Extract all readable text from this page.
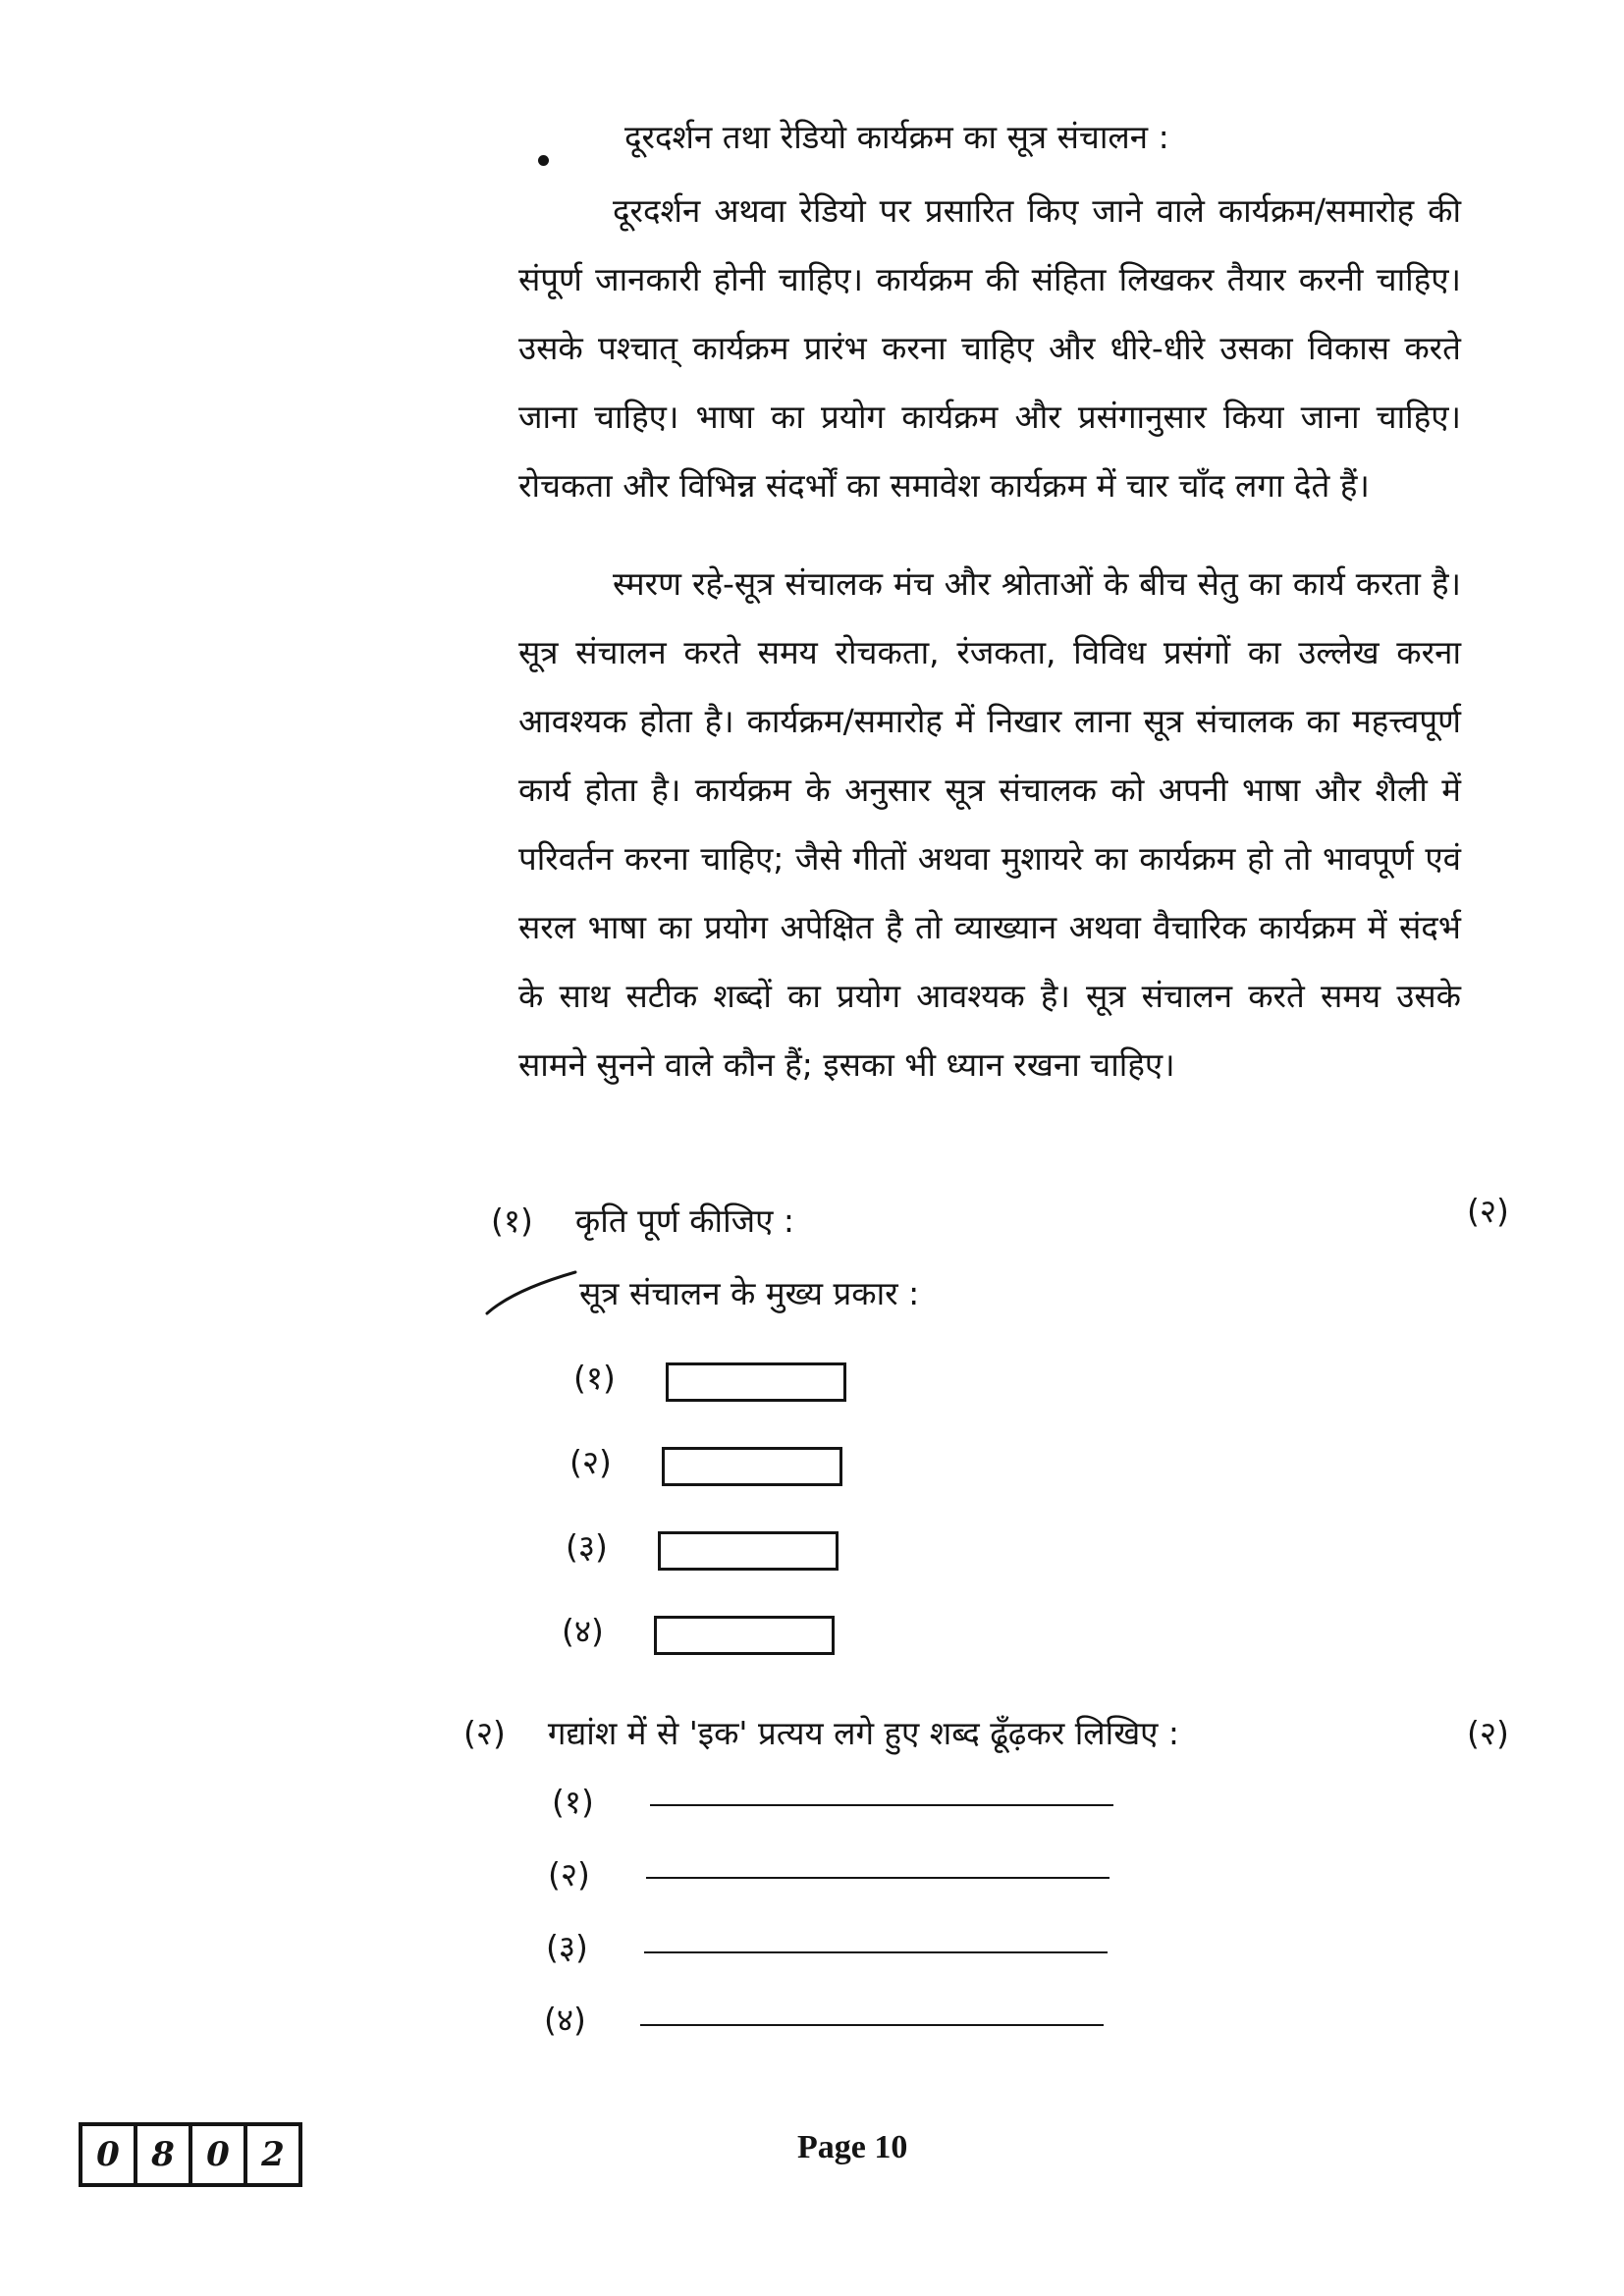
दूरदर्शन तथा रेडियो कार्यक्रम का सूत्र संचालन :

दूरदर्शन अथवा रेडियो पर प्रसारित किए जाने वाले कार्यक्रम/समारोह की संपूर्ण जानकारी होनी चाहिए। कार्यक्रम की संहिता लिखकर तैयार करनी चाहिए। उसके पश्चात् कार्यक्रम प्रारंभ करना चाहिए और धीरे-धीरे उसका विकास करते जाना चाहिए। भाषा का प्रयोग कार्यक्रम और प्रसंगानुसार किया जाना चाहिए। रोचकता और विभिन्न संदर्भों का समावेश कार्यक्रम में चार चाँद लगा देते हैं।

स्मरण रहे-सूत्र संचालक मंच और श्रोताओं के बीच सेतु का कार्य करता है। सूत्र संचालन करते समय रोचकता, रंजकता, विविध प्रसंगों का उल्लेख करना आवश्यक होता है। कार्यक्रम/समारोह में निखार लाना सूत्र संचालक का महत्त्वपूर्ण कार्य होता है। कार्यक्रम के अनुसार सूत्र संचालक को अपनी भाषा और शैली में परिवर्तन करना चाहिए; जैसे गीतों अथवा मुशायरे का कार्यक्रम हो तो भावपूर्ण एवं सरल भाषा का प्रयोग अपेक्षित है तो व्याख्यान अथवा वैचारिक कार्यक्रम में संदर्भ के साथ सटीक शब्दों का प्रयोग आवश्यक है। सूत्र संचालन करते समय उसके सामने सुनने वाले कौन हैं; इसका भी ध्यान रखना चाहिए।

(१) कृति पूर्ण कीजिए :	(२)
सूत्र संचालन के मुख्य प्रकार :
(१)
(२)
(३)
(४)
(२) गद्यांश में से 'इक' प्रत्यय लगे हुए शब्द ढूँढ़कर लिखिए :	(२)
(१)
(२)
(३)
(४)
0 8 0 2	Page 10
